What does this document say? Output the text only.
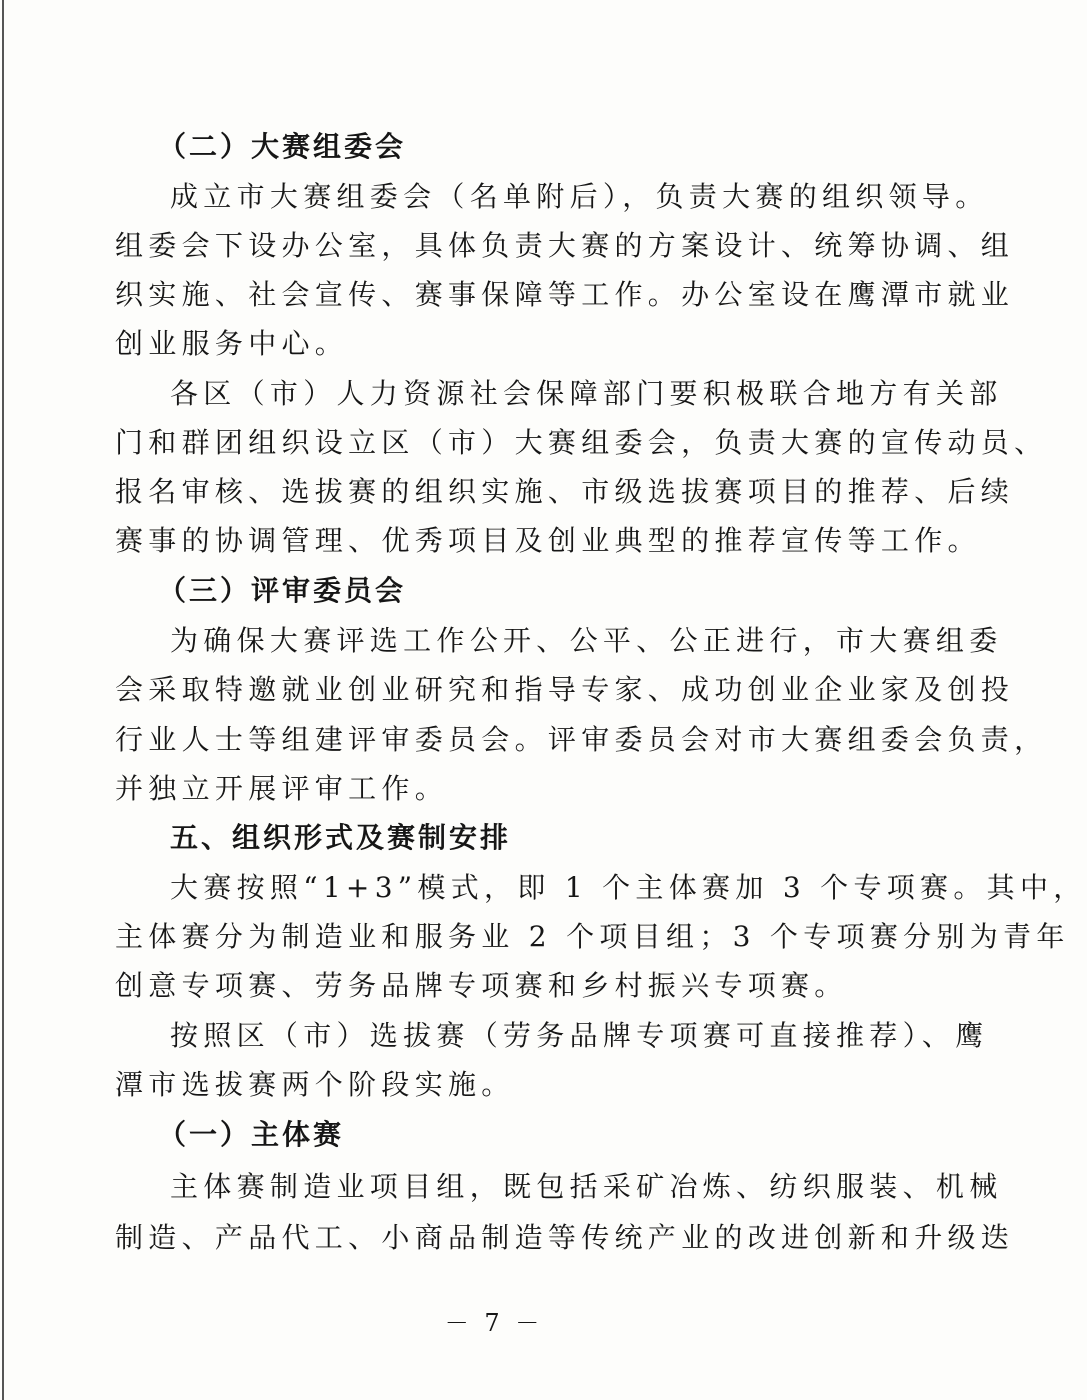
（二）大赛组委会
成立市大赛组委会（名单附后），负责大赛的组织领导。
组委会下设办公室，具体负责大赛的方案设计、统筹协调、组
织实施、社会宣传、赛事保障等工作。办公室设在鹰潭市就业
创业服务中心。
各区（市）人力资源社会保障部门要积极联合地方有关部
门和群团组织设立区（市）大赛组委会，负责大赛的宣传动员、
报名审核、选拔赛的组织实施、市级选拔赛项目的推荐、后续
赛事的协调管理、优秀项目及创业典型的推荐宣传等工作。
（三）评审委员会
为确保大赛评选工作公开、公平、公正进行，市大赛组委
会采取特邀就业创业研究和指导专家、成功创业企业家及创投
行业人士等组建评审委员会。评审委员会对市大赛组委会负责，
并独立开展评审工作。
五、组织形式及赛制安排
大赛按照“1+3”模式，即 1 个主体赛加 3 个专项赛。其中，
主体赛分为制造业和服务业 2 个项目组；3 个专项赛分别为青年
创意专项赛、劳务品牌专项赛和乡村振兴专项赛。
按照区（市）选拔赛（劳务品牌专项赛可直接推荐）、鹰
潭市选拔赛两个阶段实施。
（一）主体赛
主体赛制造业项目组，既包括采矿冶炼、纺织服装、机械
制造、产品代工、小商品制造等传统产业的改进创新和升级迭
－ 7 －
